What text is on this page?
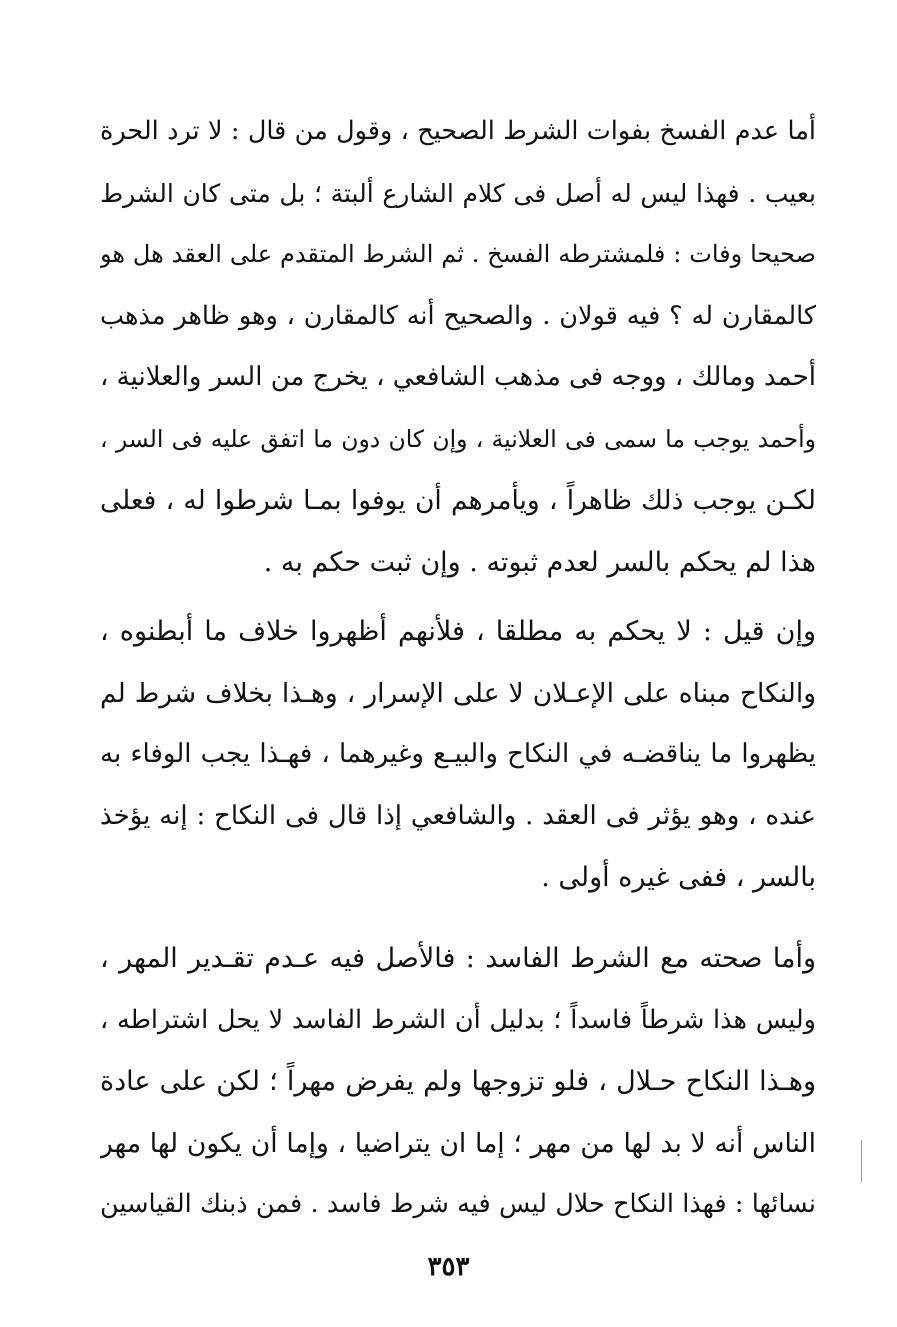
أما عدم الفسخ بفوات الشرط الصحيح ، وقول من قال : لا ترد الحرة
بعيب . فهذا ليس له أصل فى كلام الشارع ألبتة ؛ بل متى كان الشرط
صحيحا وفات : فلمشترطه الفسخ . ثم الشرط المتقدم على العقد هل هو
كالمقارن له ؟ فيه قولان . والصحيح أنه كالمقارن ، وهو ظاهر مذهب
أحمد ومالك ، ووجه فى مذهب الشافعي ، يخرج من السر والعلانية ،
وأحمد يوجب ما سمى فى العلانية ، وإن كان دون ما اتفق عليه فى السر ،
لكـن يوجب ذلك ظاهراً ، ويأمرهم أن يوفوا بمـا شرطوا له ، فعلى
هذا لم يحكم بالسر لعدم ثبوته . وإن ثبت حكم به .
وإن قيل : لا يحكم به مطلقا ، فلأنهم أظهروا خلاف ما أبطنوه ،
والنكاح مبناه على الإعـلان لا على الإسرار ، وهـذا بخلاف شرط لم
يظهروا ما يناقضـه في النكاح والبيـع وغيرهما ، فهـذا يجب الوفاء به
عنده ، وهو يؤثر فى العقد . والشافعي إذا قال فى النكاح : إنه يؤخذ
بالسر ، ففى غيره أولى .
وأما صحته مع الشرط الفاسد : فالأصل فيه عـدم تقـدير المهر ،
وليس هذا شرطاً فاسداً ؛ بدليل أن الشرط الفاسد لا يحل اشتراطه ،
وهـذا النكاح حـلال ، فلو تزوجها ولم يفرض مهراً ؛ لكن على عادة
الناس أنه لا بد لها من مهر ؛ إما ان يتراضيا ، وإما أن يكون لها مهر
نسائها : فهذا النكاح حلال ليس فيه شرط فاسد . فمن ذبنك القياسين
٣٥٣
